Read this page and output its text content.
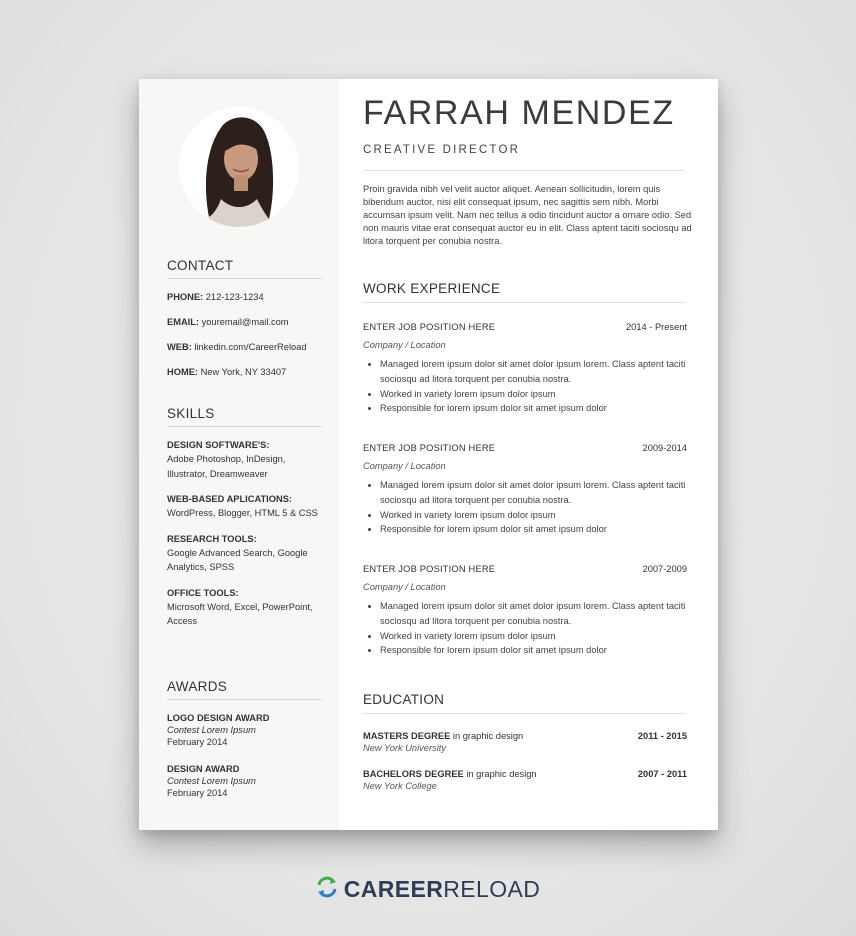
CONTACT
PHONE: 212-123-1234
EMAIL: youremail@mail.com
WEB: linkedin.com/CareerReload
HOME: New York, NY 33407
SKILLS
DESIGN SOFTWARE'S:
Adobe Photoshop, InDesign,
Illustrator, Dreamweaver
WEB-BASED APLICATIONS:
WordPress, Blogger, HTML 5 & CSS
RESEARCH TOOLS:
Google Advanced Search, Google
Analytics, SPSS
OFFICE TOOLS:
Microsoft Word, Excel, PowerPoint,
Access
AWARDS
LOGO DESIGN AWARD
Contest Lorem Ipsum
February 2014
DESIGN AWARD
Contest Lorem Ipsum
February 2014
FARRAH MENDEZ
CREATIVE DIRECTOR
Proin gravida nibh vel velit auctor aliquet. Aenean sollicitudin, lorem quis bibendum auctor, nisi elit consequat ipsum, nec sagittis sem nibh. Morbi accumsan ipsum velit. Nam nec tellus a odio tincidunt auctor a ornare odio. Sed non mauris vitae erat consequat auctor eu in elit. Class aptent taciti sociosqu ad litora torquent per conubia nostra.
WORK EXPERIENCE
ENTER JOB POSITION HERE	2014 - Present
Company / Location
• Managed lorem ipsum dolor sit amet dolor ipsum lorem. Class aptent taciti sociosqu ad litora torquent per conubia nostra.
• Worked in variety lorem ipsum dolor ipsum
• Responsible for lorem ipsum dolor sit amet ipsum dolor
ENTER JOB POSITION HERE	2009-2014
Company / Location
• Managed lorem ipsum dolor sit amet dolor ipsum lorem. Class aptent taciti sociosqu ad litora torquent per conubia nostra.
• Worked in variety lorem ipsum dolor ipsum
• Responsible for lorem ipsum dolor sit amet ipsum dolor
ENTER JOB POSITION HERE	2007-2009
Company / Location
• Managed lorem ipsum dolor sit amet dolor ipsum lorem. Class aptent taciti sociosqu ad litora torquent per conubia nostra.
• Worked in variety lorem ipsum dolor ipsum
• Responsible for lorem ipsum dolor sit amet ipsum dolor
EDUCATION
MASTERS DEGREE in graphic design	2011 - 2015
New York University
BACHELORS DEGREE in graphic design	2007 - 2011
New York College
CAREERRELOAD
